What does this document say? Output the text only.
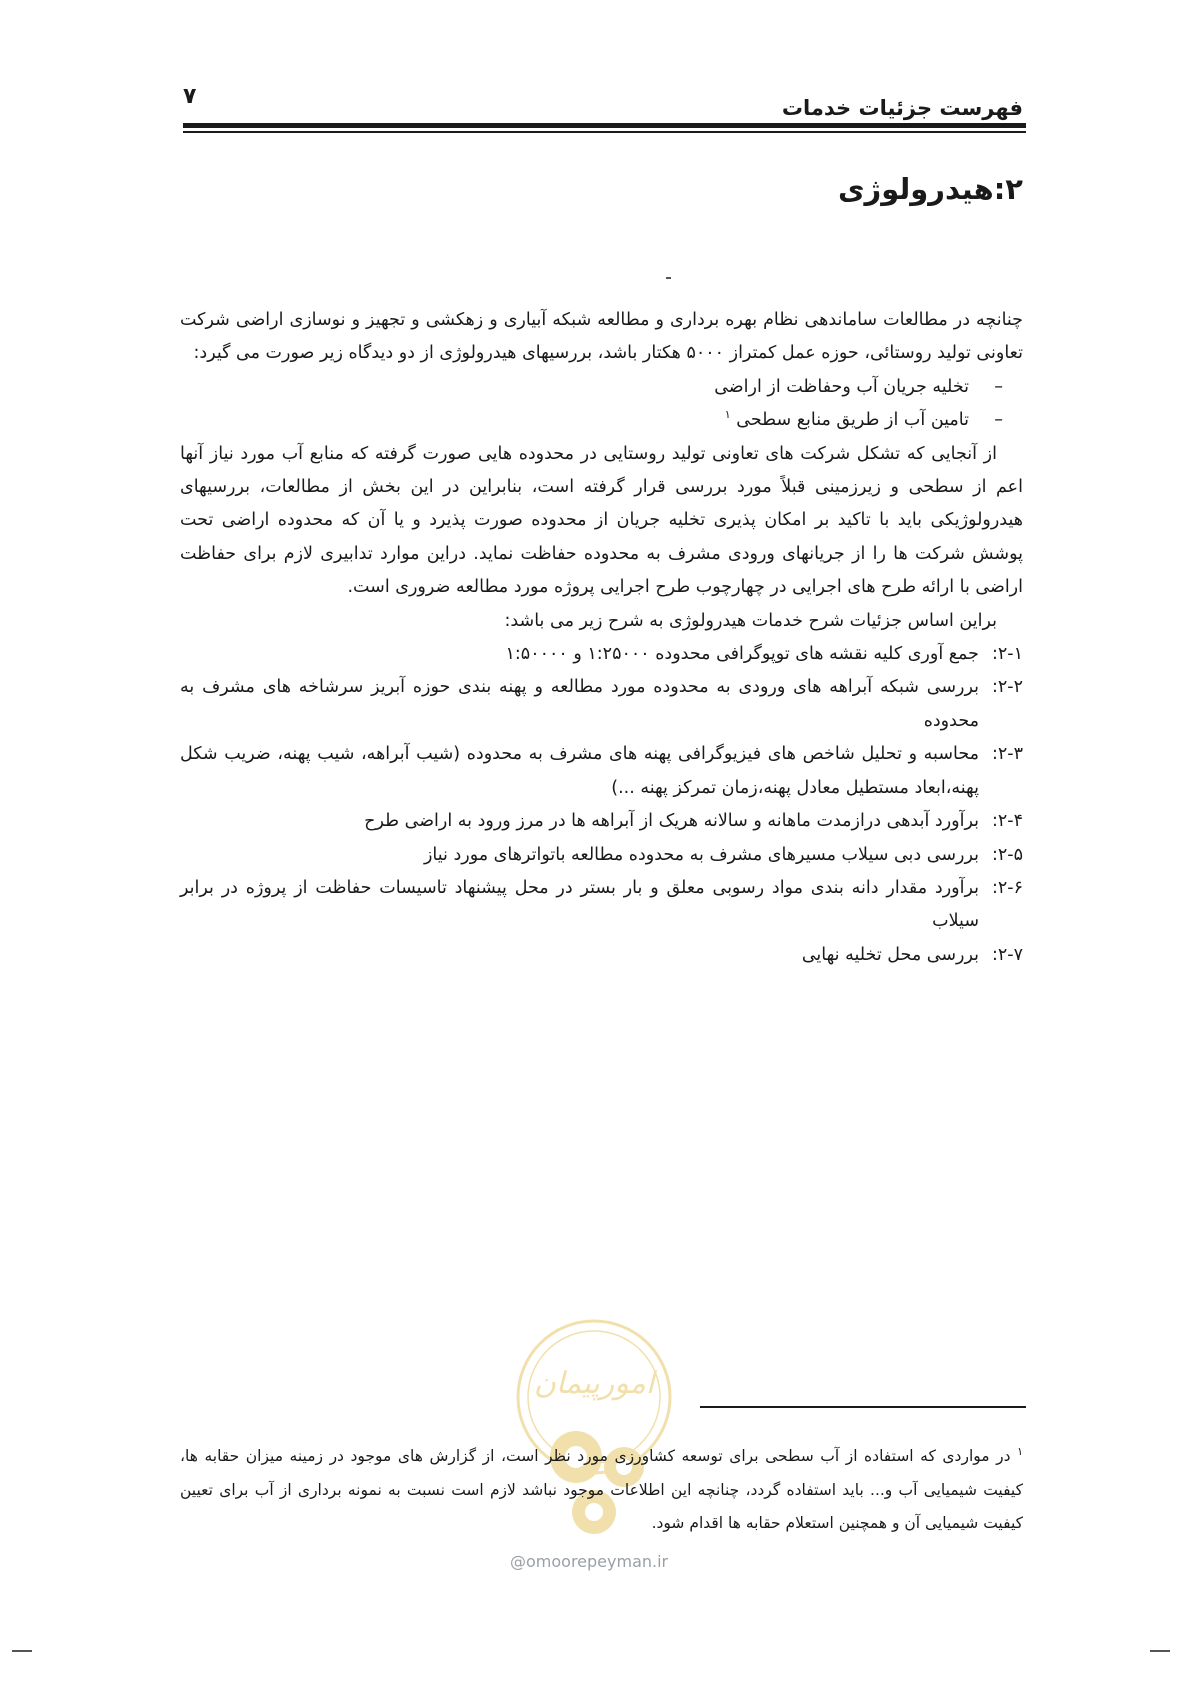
۷	فهرست جزئیات خدمات
۲:هیدرولوژی

چنانچه در مطالعات ساماندهی نظام بهره برداری و مطالعه شبکه آبیاری و زهکشی و تجهیز و نوسازی اراضی شرکت تعاونی تولید روستائی، حوزه عمل کمتراز ۵۰۰۰ هکتار باشد، بررسیهای هیدرولوژی از دو دیدگاه زیر صورت می گیرد:

–
تخلیه جریان آب وحفاظت از اراضی

–
تامین آب از طریق منابع سطحی $^۱$

از آنجایی که تشکل شرکت های تعاونی تولید روستایی در محدوده هایی صورت گرفته که منابع آب مورد نیاز آنها اعم از سطحی و زیرزمینی قبلاً مورد بررسی قرار گرفته است، بنابراین در این بخش از مطالعات، بررسیهای هیدرولوژیکی باید با تاکید بر امکان پذیری تخلیه جریان از محدوده صورت پذیرد و یا آن که محدوده اراضی تحت پوشش شرکت ها را از جریانهای ورودی مشرف به محدوده حفاظت نماید. دراین موارد تدابیری لازم برای حفاظت اراضی با ارائه طرح های اجرایی در چهارچوب طرح اجرایی پروژه مورد مطالعه ضروری است.

براین اساس جزئیات شرح خدمات هیدرولوژی به شرح زیر می باشد:

۲-۱:
جمع آوری کلیه نقشه های توپوگرافی محدوده ۱:۲۵۰۰۰ و ۱:۵۰۰۰۰

۲-۲:
بررسی شبکه آبراهه های ورودی به محدوده مورد مطالعه و پهنه بندی حوزه آبریز سرشاخه های مشرف به محدوده

۲-۳:
محاسبه و تحلیل شاخص های فیزیوگرافی پهنه های مشرف به محدوده (شیب آبراهه، شیب پهنه، ضریب شکل پهنه،ابعاد مستطیل معادل پهنه،زمان تمرکز پهنه ...)

۲-۴:
برآورد آبدهی درازمدت ماهانه و سالانه هریک از آبراهه ها در مرز ورود به اراضی طرح

۲-۵:
بررسی دبی سیلاب مسیرهای مشرف به محدوده مطالعه باتواترهای مورد نیاز

۲-۶:
برآورد مقدار دانه بندی مواد رسوبی معلق و بار بستر در محل پیشنهاد تاسیسات حفاظت از پروژه در برابر سیلاب

۲-۷:
بررسی محل تخلیه نهایی

امورپیمان
@omoorepeyman.ir

$^۱$ در مواردی که استفاده از آب سطحی برای توسعه کشاورزی مورد نظر است، از گزارش های موجود در زمینه میزان حقابه ها، کیفیت شیمیایی آب و... باید استفاده گردد، چنانچه این اطلاعات موجود نباشد لازم است نسبت به نمونه برداری از آب برای تعیین کیفیت شیمیایی آن و همچنین استعلام حقابه ها اقدام شود.
